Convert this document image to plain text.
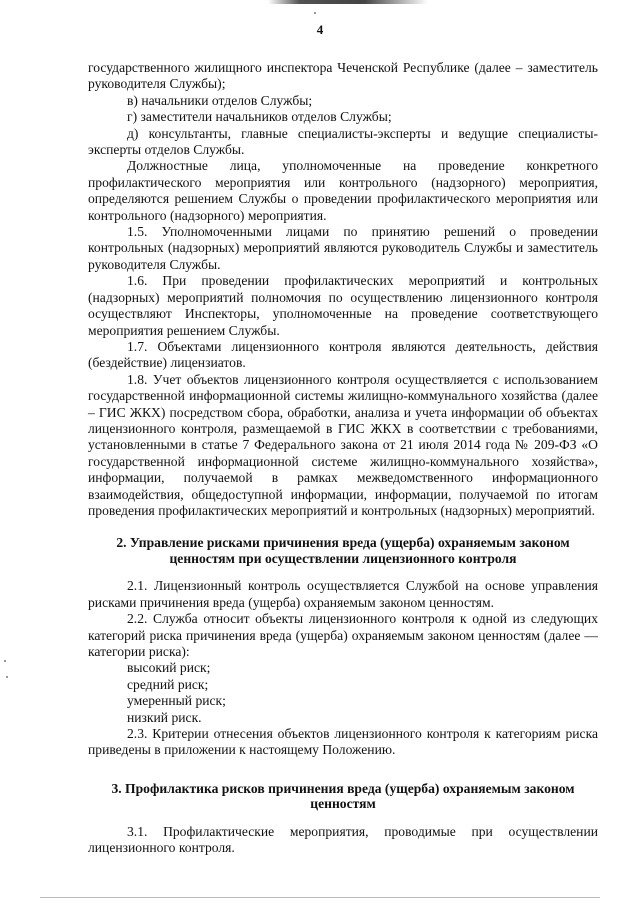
4

государственного жилищного инспектора Чеченской Республике (далее – заместитель руководителя Службы);

в) начальники отделов Службы;

г) заместители начальников отделов Службы;

д) консультанты, главные специалисты-эксперты и ведущие специалисты-эксперты отделов Службы.

Должностные лица, уполномоченные на проведение конкретного профилактического мероприятия или контрольного (надзорного) мероприятия, определяются решением Службы о проведении профилактического мероприятия или контрольного (надзорного) мероприятия.

1.5. Уполномоченными лицами по принятию решений о проведении контрольных (надзорных) мероприятий являются руководитель Службы и заместитель руководителя Службы.

1.6. При проведении профилактических мероприятий и контрольных (надзорных) мероприятий полномочия по осуществлению лицензионного контроля осуществляют Инспекторы, уполномоченные на проведение соответствующего мероприятия решением Службы.

1.7. Объектами лицензионного контроля являются деятельность, действия (бездействие) лицензиатов.

1.8. Учет объектов лицензионного контроля осуществляется с использованием государственной информационной системы жилищно-коммунального хозяйства (далее – ГИС ЖКХ) посредством сбора, обработки, анализа и учета информации об объектах лицензионного контроля, размещаемой в ГИС ЖКХ в соответствии с требованиями, установленными в статье 7 Федерального закона от 21 июля 2014 года № 209-ФЗ «О государственной информационной системе жилищно-коммунального хозяйства», информации, получаемой в рамках межведомственного информационного взаимодействия, общедоступной информации, информации, получаемой по итогам проведения профилактических мероприятий и контрольных (надзорных) мероприятий.

2. Управление рисками причинения вреда (ущерба) охраняемым законом ценностям при осуществлении лицензионного контроля

2.1. Лицензионный контроль осуществляется Службой на основе управления рисками причинения вреда (ущерба) охраняемым законом ценностям.

2.2. Служба относит объекты лицензионного контроля к одной из следующих категорий риска причинения вреда (ущерба) охраняемым законом ценностям (далее — категории риска):

высокий риск;

средний риск;

умеренный риск;

низкий риск.

2.3. Критерии отнесения объектов лицензионного контроля к категориям риска приведены в приложении к настоящему Положению.

3. Профилактика рисков причинения вреда (ущерба) охраняемым законом ценностям

3.1. Профилактические мероприятия, проводимые при осуществлении лицензионного контроля.
